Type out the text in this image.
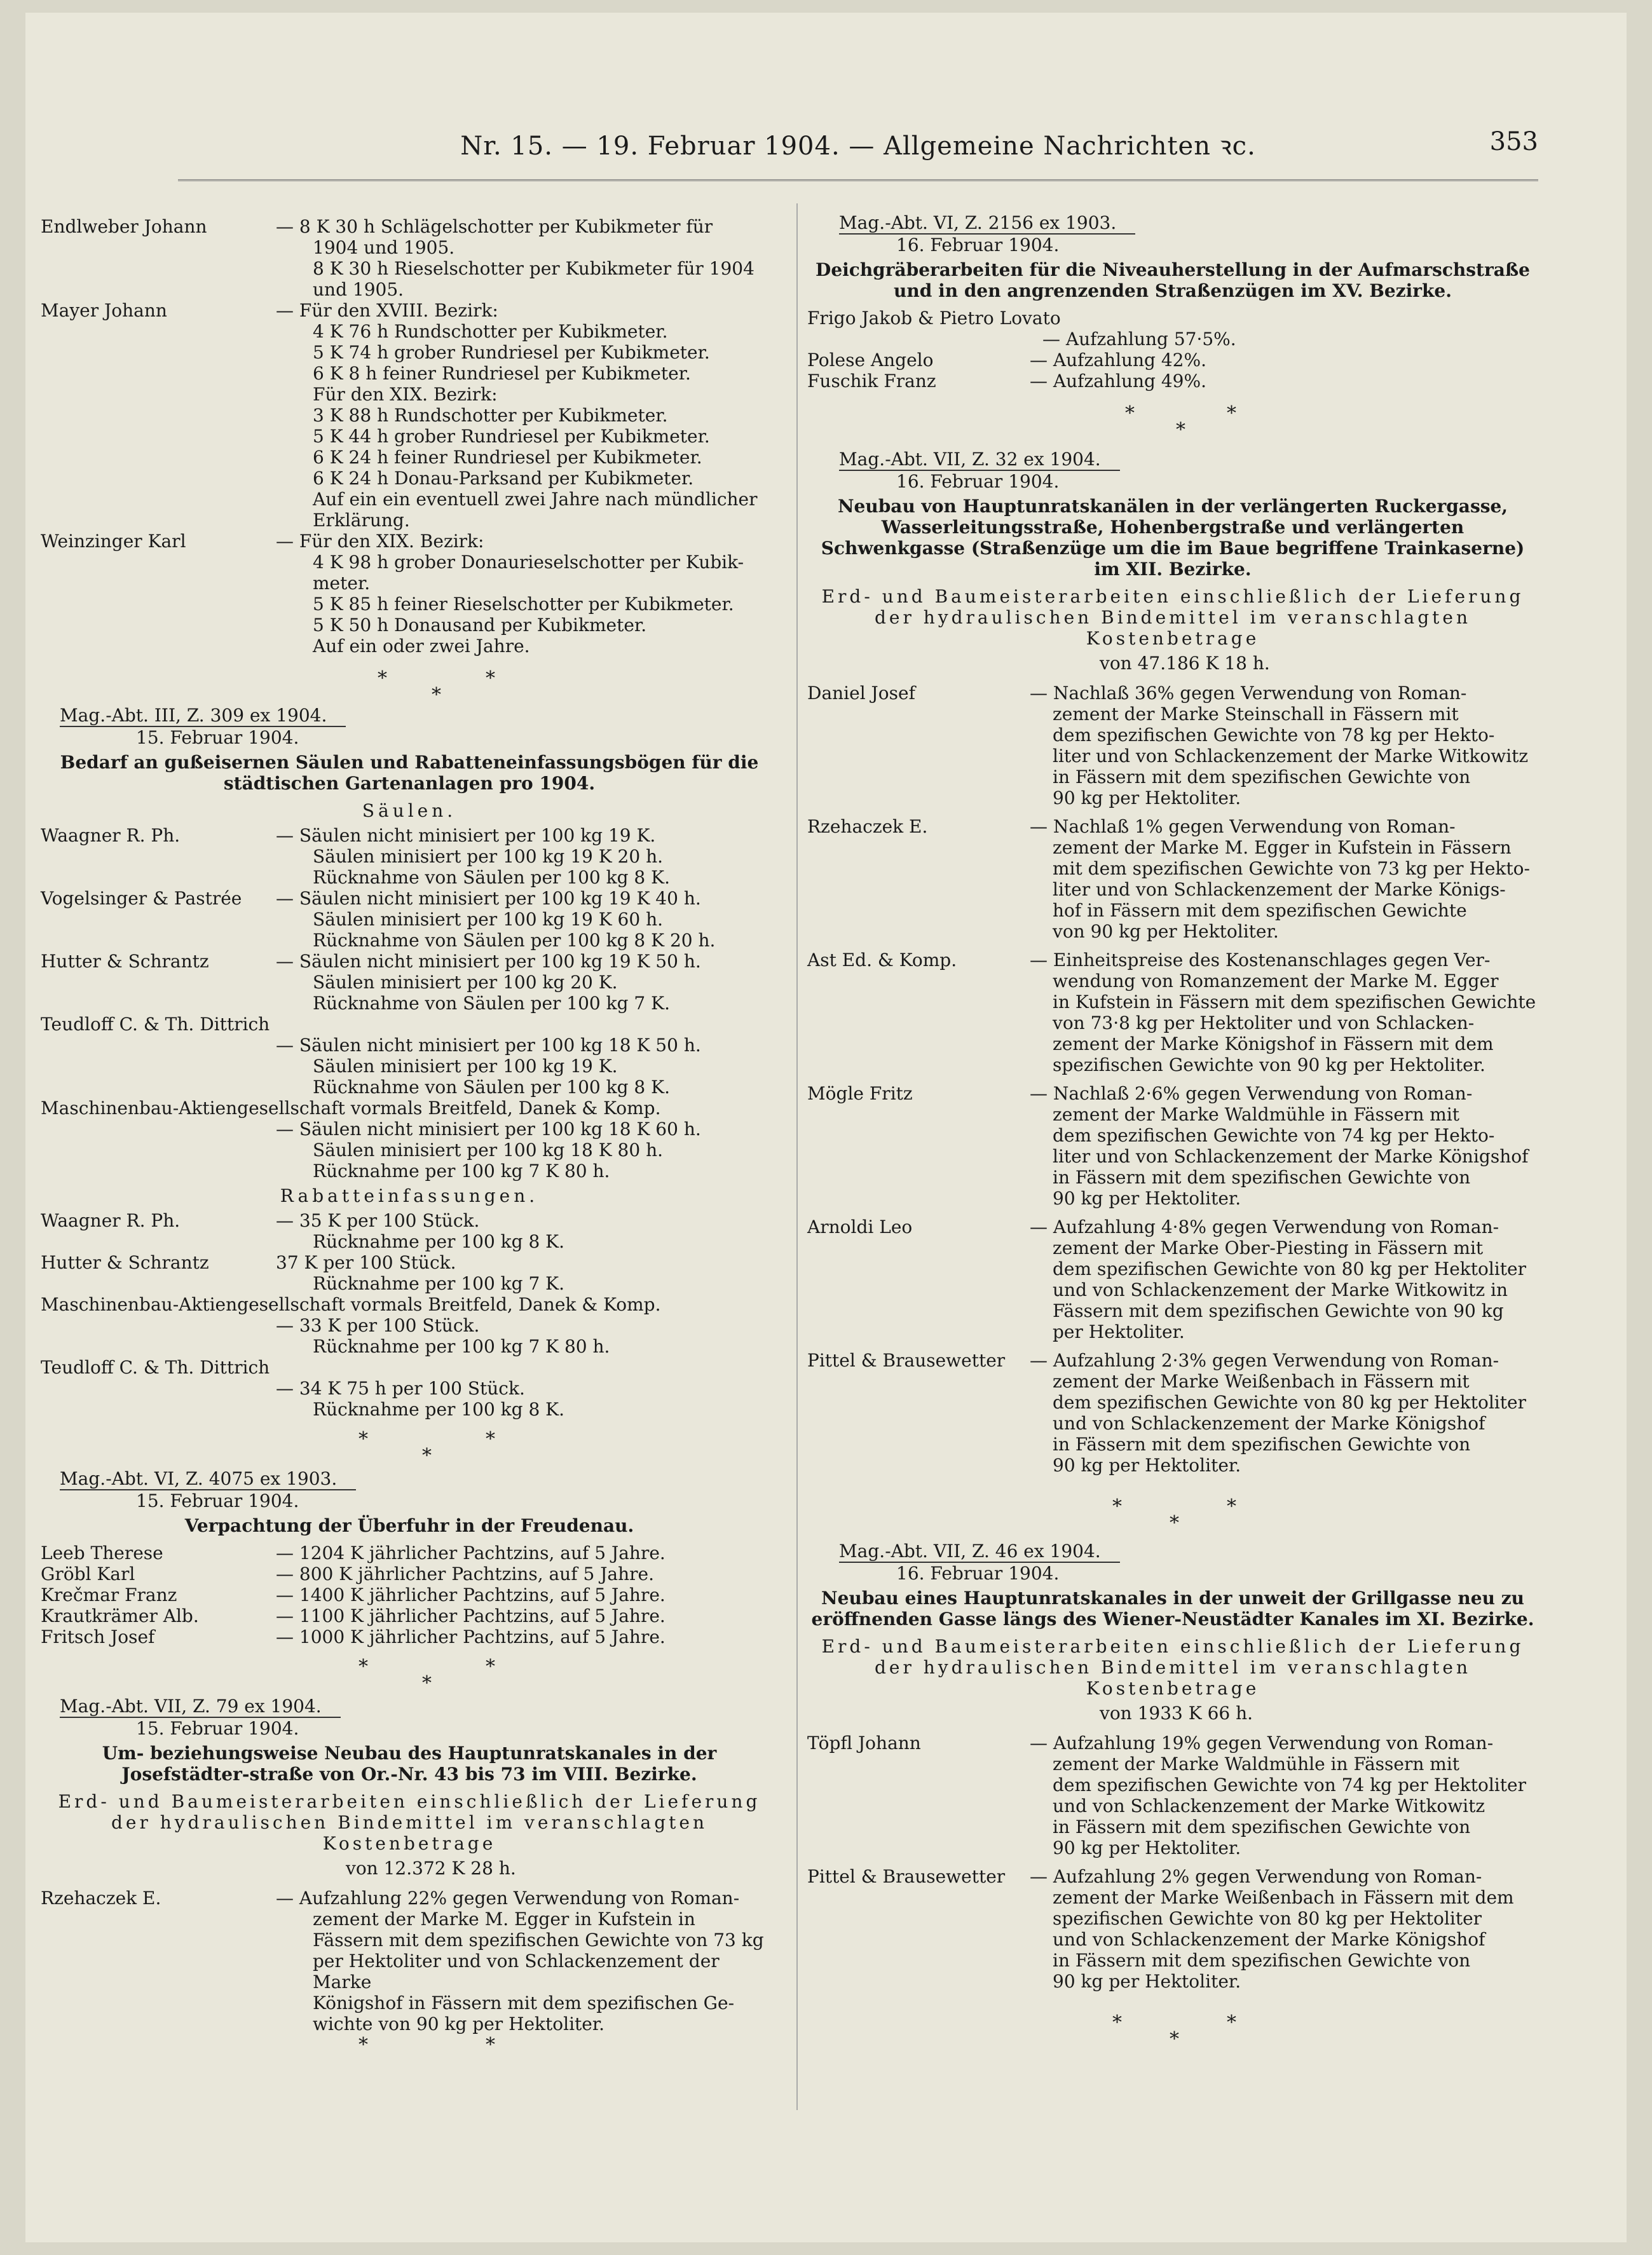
Nr. 15. — 19. Februar 1904. — Allgemeine Nachrichten ꝛc.	353
Endlweber Johann	— 8 K 30 h Schlägelschotter per Kubikmeter für
1904 und 1905.
8 K 30 h Rieselschotter per Kubikmeter für 1904
und 1905.
Mayer Johann	— Für den XVIII. Bezirk:
4 K 76 h Rundschotter per Kubikmeter.
5 K 74 h grober Rundriesel per Kubikmeter.
6 K 8 h feiner Rundriesel per Kubikmeter.
Für den XIX. Bezirk:
3 K 88 h Rundschotter per Kubikmeter.
5 K 44 h grober Rundriesel per Kubikmeter.
6 K 24 h feiner Rundriesel per Kubikmeter.
6 K 24 h Donau-Parksand per Kubikmeter.
Auf ein ein eventuell zwei Jahre nach mündlicher
Erklärung.
Weinzinger Karl	— Für den XIX. Bezirk:
4 K 98 h grober Donaurieselschotter per Kubik-
meter.
5 K 85 h feiner Rieselschotter per Kubikmeter.
5 K 50 h Donausand per Kubikmeter.
Auf ein oder zwei Jahre.
*	*
*
Mag.-Abt. III, Z. 309 ex 1904.
15. Februar 1904.
Bedarf an gußeisernen Säulen und Rabatteneinfassungsbögen für die städtischen Gartenanlagen pro 1904.
Säulen.
Waagner R. Ph.	— Säulen nicht minisiert per 100 kg 19 K.
Säulen minisiert per 100 kg 19 K 20 h.
Rücknahme von Säulen per 100 kg 8 K.
Vogelsinger & Pastrée — Säulen nicht minisiert per 100 kg 19 K 40 h.
Säulen minisiert per 100 kg 19 K 60 h.
Rücknahme von Säulen per 100 kg 8 K 20 h.
Hutter & Schrantz	— Säulen nicht minisiert per 100 kg 19 K 50 h.
Säulen minisiert per 100 kg 20 K.
Rücknahme von Säulen per 100 kg 7 K.
Teudloff C. & Th. Dittrich
— Säulen nicht minisiert per 100 kg 18 K 50 h.
Säulen minisiert per 100 kg 19 K.
Rücknahme von Säulen per 100 kg 8 K.
Maschinenbau-Aktiengesellschaft vormals Breitfeld, Danek & Komp.
— Säulen nicht minisiert per 100 kg 18 K 60 h.
Säulen minisiert per 100 kg 18 K 80 h.
Rücknahme per 100 kg 7 K 80 h.
Rabatteinfassungen.
Waagner R. Ph.	— 35 K per 100 Stück.
Rücknahme per 100 kg 8 K.
Hutter & Schrantz	37 K per 100 Stück.
Rücknahme per 100 kg 7 K.
Maschinenbau-Aktiengesellschaft vormals Breitfeld, Danek & Komp.
— 33 K per 100 Stück.
Rücknahme per 100 kg 7 K 80 h.
Teudloff C. & Th. Dittrich
— 34 K 75 h per 100 Stück.
Rücknahme per 100 kg 8 K.
*	*
*
Mag.-Abt. VI, Z. 4075 ex 1903.
15. Februar 1904.
Verpachtung der Überfuhr in der Freudenau.
Leeb Therese	— 1204 K jährlicher Pachtzins, auf 5 Jahre.
Gröbl Karl	— 800 K jährlicher Pachtzins, auf 5 Jahre.
Krečmar Franz	— 1400 K jährlicher Pachtzins, auf 5 Jahre.
Krautkrämer Alb.	— 1100 K jährlicher Pachtzins, auf 5 Jahre.
Fritsch Josef	— 1000 K jährlicher Pachtzins, auf 5 Jahre.
*	*
*
Mag.-Abt. VII, Z. 79 ex 1904.
15. Februar 1904.
Um- beziehungsweise Neubau des Hauptunratskanales in der Josefstädter-straße von Or.-Nr. 43 bis 73 im VIII. Bezirke.
Erd- und Baumeisterarbeiten einschließlich der Lieferung der hydraulischen Bindemittel im veranschlagten Kostenbetrage
von 12.372 K 28 h.
Rzehaczek E.	— Aufzahlung 22% gegen Verwendung von Roman-
zement der Marke M. Egger in Kufstein in
Fässern mit dem spezifischen Gewichte von 73 kg
per Hektoliter und von Schlackenzement der Marke
Königshof in Fässern mit dem spezifischen Ge-
wichte von 90 kg per Hektoliter.
*	*
Mag.-Abt. VI, Z. 2156 ex 1903.
16. Februar 1904.
Deichgräberarbeiten für die Niveauherstellung in der Aufmarschstraße und in den angrenzenden Straßenzügen im XV. Bezirke.
Frigo Jakob & Pietro Lovato
— Aufzahlung 57·5%.
Polese Angelo	— Aufzahlung 42%.
Fuschik Franz	— Aufzahlung 49%.
*	*
*
Mag.-Abt. VII, Z. 32 ex 1904.
16. Februar 1904.
Neubau von Hauptunratskanälen in der verlängerten Ruckergasse, Wasserleitungsstraße, Hohenbergstraße und verlängerten Schwenkgasse (Straßenzüge um die im Baue begriffene Trainkaserne) im XII. Bezirke.
Erd- und Baumeisterarbeiten einschließlich der Lieferung der hydraulischen Bindemittel im veranschlagten Kostenbetrage
von 47.186 K 18 h.
Daniel Josef	— Nachlaß 36% gegen Verwendung von Roman-
zement der Marke Steinschall in Fässern mit
dem spezifischen Gewichte von 78 kg per Hekto-
liter und von Schlackenzement der Marke Witkowitz
in Fässern mit dem spezifischen Gewichte von
90 kg per Hektoliter.
Rzehaczek E.	— Nachlaß 1% gegen Verwendung von Roman-
zement der Marke M. Egger in Kufstein in Fässern
mit dem spezifischen Gewichte von 73 kg per Hekto-
liter und von Schlackenzement der Marke Königs-
hof in Fässern mit dem spezifischen Gewichte
von 90 kg per Hektoliter.
Ast Ed. & Komp.	— Einheitspreise des Kostenanschlages gegen Ver-
wendung von Romanzement der Marke M. Egger
in Kufstein in Fässern mit dem spezifischen Gewichte
von 73·8 kg per Hektoliter und von Schlacken-
zement der Marke Königshof in Fässern mit dem
spezifischen Gewichte von 90 kg per Hektoliter.
Mögle Fritz	— Nachlaß 2·6% gegen Verwendung von Roman-
zement der Marke Waldmühle in Fässern mit
dem spezifischen Gewichte von 74 kg per Hekto-
liter und von Schlackenzement der Marke Königshof
in Fässern mit dem spezifischen Gewichte von
90 kg per Hektoliter.
Arnoldi Leo	— Aufzahlung 4·8% gegen Verwendung von Roman-
zement der Marke Ober-Piesting in Fässern mit
dem spezifischen Gewichte von 80 kg per Hektoliter
und von Schlackenzement der Marke Witkowitz in
Fässern mit dem spezifischen Gewichte von 90 kg
per Hektoliter.
Pittel & Brausewetter — Aufzahlung 2·3% gegen Verwendung von Roman-
zement der Marke Weißenbach in Fässern mit
dem spezifischen Gewichte von 80 kg per Hektoliter
und von Schlackenzement der Marke Königshof
in Fässern mit dem spezifischen Gewichte von
90 kg per Hektoliter.
*	*
*
Mag.-Abt. VII, Z. 46 ex 1904.
16. Februar 1904.
Neubau eines Hauptunratskanales in der unweit der Grillgasse neu zu eröffnenden Gasse längs des Wiener-Neustädter Kanales im XI. Bezirke.
Erd- und Baumeisterarbeiten einschließlich der Lieferung der hydraulischen Bindemittel im veranschlagten Kostenbetrage
von 1933 K 66 h.
Töpfl Johann	— Aufzahlung 19% gegen Verwendung von Roman-
zement der Marke Waldmühle in Fässern mit
dem spezifischen Gewichte von 74 kg per Hektoliter
und von Schlackenzement der Marke Witkowitz
in Fässern mit dem spezifischen Gewichte von
90 kg per Hektoliter.
Pittel & Brausewetter — Aufzahlung 2% gegen Verwendung von Roman-
zement der Marke Weißenbach in Fässern mit dem
spezifischen Gewichte von 80 kg per Hektoliter
und von Schlackenzement der Marke Königshof
in Fässern mit dem spezifischen Gewichte von
90 kg per Hektoliter.
*	*
*
